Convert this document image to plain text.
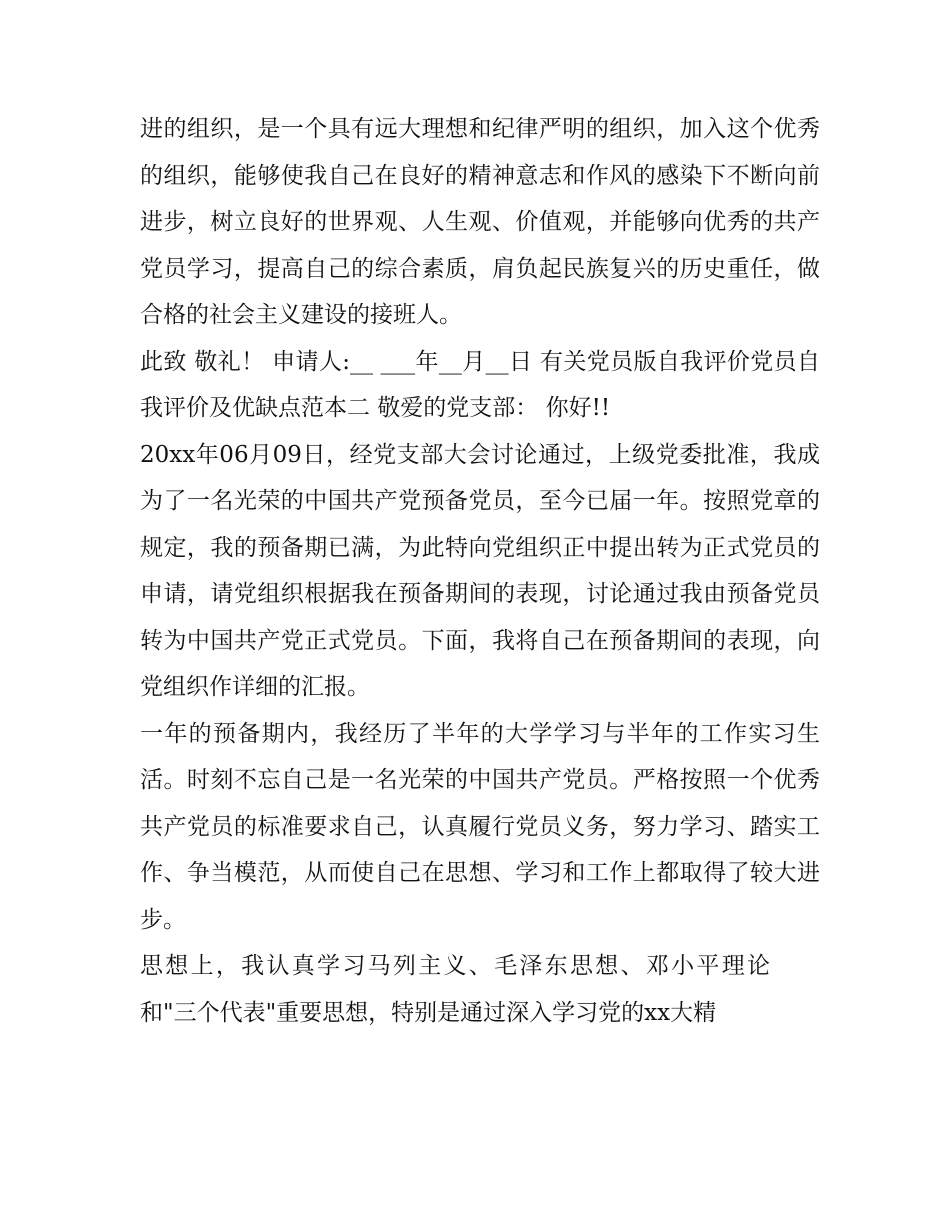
进的组织，是一个具有远大理想和纪律严明的组织，加入这个优秀的组织，能够使我自己在良好的精神意志和作风的感染下不断向前进步，树立良好的世界观、人生观、价值观，并能够向优秀的共产党员学习，提高自己的综合素质，肩负起民族复兴的历史重任，做合格的社会主义建设的接班人。

此致 敬礼！ 申请人:__ ___年__月__日 有关党员版自我评价党员自我评价及优缺点范本二 敬爱的党支部： 你好!!

20xx年06月09日，经党支部大会讨论通过，上级党委批准，我成为了一名光荣的中国共产党预备党员，至今已届一年。按照党章的规定，我的预备期已满，为此特向党组织正中提出转为正式党员的申请，请党组织根据我在预备期间的表现，讨论通过我由预备党员转为中国共产党正式党员。下面，我将自己在预备期间的表现，向党组织作详细的汇报。

一年的预备期内，我经历了半年的大学学习与半年的工作实习生活。时刻不忘自己是一名光荣的中国共产党员。严格按照一个优秀共产党员的标准要求自己，认真履行党员义务，努力学习、踏实工作、争当模范，从而使自己在思想、学习和工作上都取得了较大进步。

思想上，我认真学习马列主义、毛泽东思想、邓小平理论和"三个代表"重要思想，特别是通过深入学习党的xx大精
